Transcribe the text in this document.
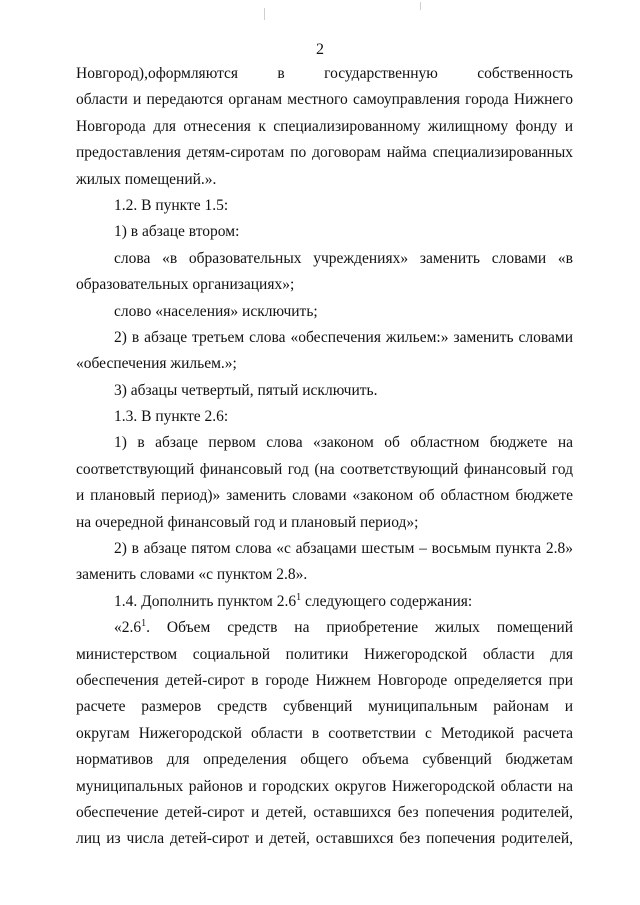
2
Новгород),оформляются в государственную собственность
области и передаются органам местного самоуправления города Нижнего
Новгорода для отнесения к специализированному жилищному фонду и
предоставления детям-сиротам по договорам найма специализированных
жилых помещений.».
1.2. В пункте 1.5:
1) в абзаце втором:
слова «в образовательных учреждениях» заменить словами «в
образовательных организациях»;
слово «населения» исключить;
2) в абзаце третьем слова «обеспечения жильем:» заменить словами
«обеспечения жильем.»;
3) абзацы четвертый, пятый исключить.
1.3. В пункте 2.6:
1) в абзаце первом слова «законом об областном бюджете на
соответствующий финансовый год (на соответствующий финансовый год
и плановый период)» заменить словами «законом об областном бюджете
на очередной финансовый год и плановый период»;
2) в абзаце пятом слова «с абзацами шестым – восьмым пункта 2.8»
заменить словами «с пунктом 2.8».
1.4. Дополнить пунктом $2.6^1$ следующего содержания:
«$2.6^1$. Объем средств на приобретение жилых помещений
министерством социальной политики Нижегородской области для
обеспечения детей-сирот в городе Нижнем Новгороде определяется при
расчете размеров средств субвенций муниципальным районам и
округам Нижегородской области в соответствии с Методикой расчета
нормативов для определения общего объема субвенций бюджетам
муниципальных районов и городских округов Нижегородской области на
обеспечение детей-сирот и детей, оставшихся без попечения родителей,
лиц из числа детей-сирот и детей, оставшихся без попечения родителей,
